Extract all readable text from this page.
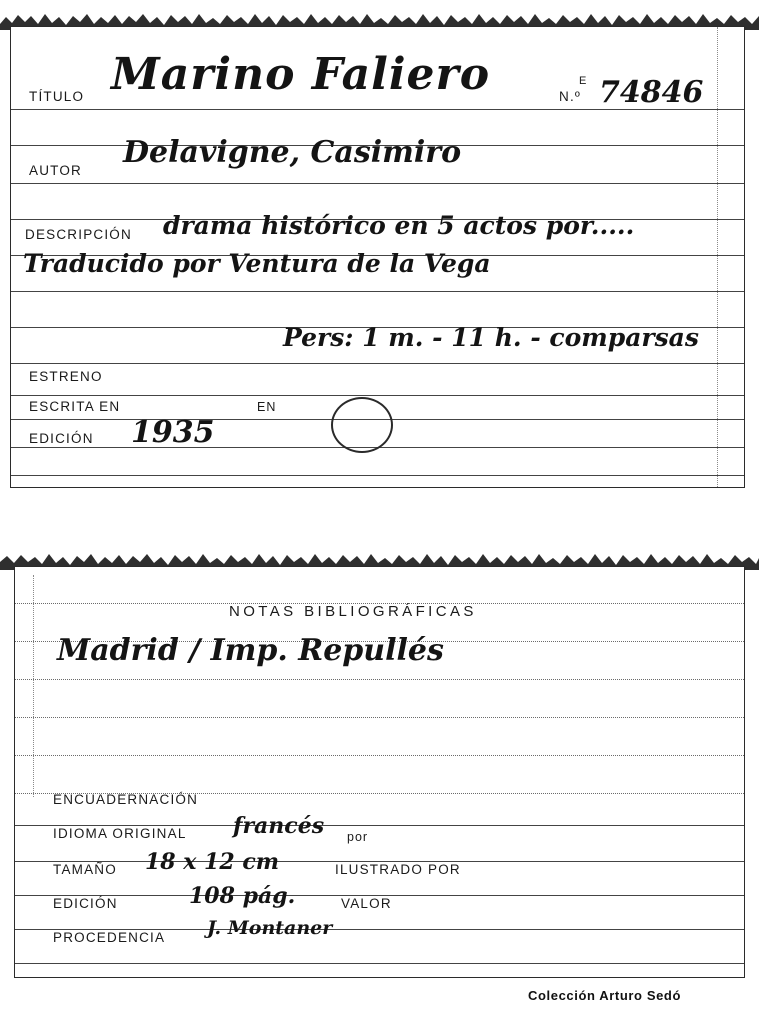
TÍTULO Marino Faliero	E
N.º 74846
AUTOR
Delavigne, Casimiro
DESCRIPCIÓN drama histórico en 5 actos por.....
Traducido por Ventura de la Vega
Pers: 1 m. - 11 h. - comparsas
ESTRENO
ESCRITA EN	EN
EDICIÓN 1935
NOTAS BIBLIOGRÁFICAS
Madrid / Imp. Repullés
ENCUADERNACIÓN
IDIOMA ORIGINAL francés por
TAMAÑO 18 x 12 cm	ILUSTRADO POR
EDICIÓN	108 pág.	VALOR
PROCEDENCIA J. Montaner
Colección Arturo Sedó
